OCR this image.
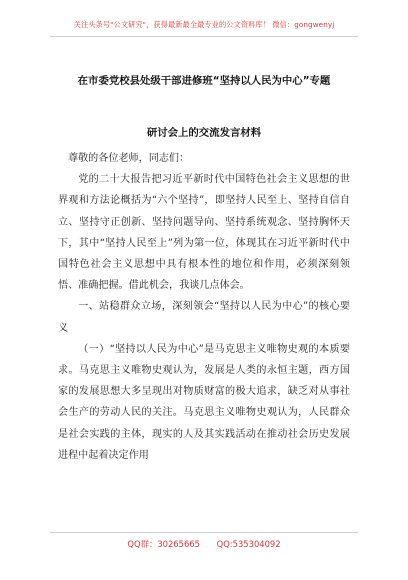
关注头条号"公文研究"，获得最新最全最专业的公文资料库！ 微信：gongwenyj
在市委党校县处级干部进修班“坚持以人民为中心”专题
研讨会上的交流发言材料

尊敬的各位老师，同志们：

党的二十大报告把习近平新时代中国特色社会主义思想的世界观和方法论概括为“六个坚持”，即坚持人民至上、坚持自信自立、坚持守正创新、坚持问题导向、坚持系统观念、坚持胸怀天下，其中“坚持人民至上”列为第一位，体现其在习近平新时代中国特色社会主义思想中具有根本性的地位和作用，必须深刻领悟、准确把握。借此机会，我谈几点体会。

一、站稳群众立场，深刻领会“坚持以人民为中心”的核心要义

（一）“坚持以人民为中心”是马克思主义唯物史观的本质要求。马克思主义唯物史观认为，发展是人类的永恒主题，西方国家的发展思想大多呈现出对物质财富的极大追求，缺乏对从事社会生产的劳动人民的关注。马克思主义唯物史观认为，人民群众是社会实践的主体，现实的人及其实践活动在推动社会历史发展进程中起着决定作用

QQ群：30265665 QQ:535304092
